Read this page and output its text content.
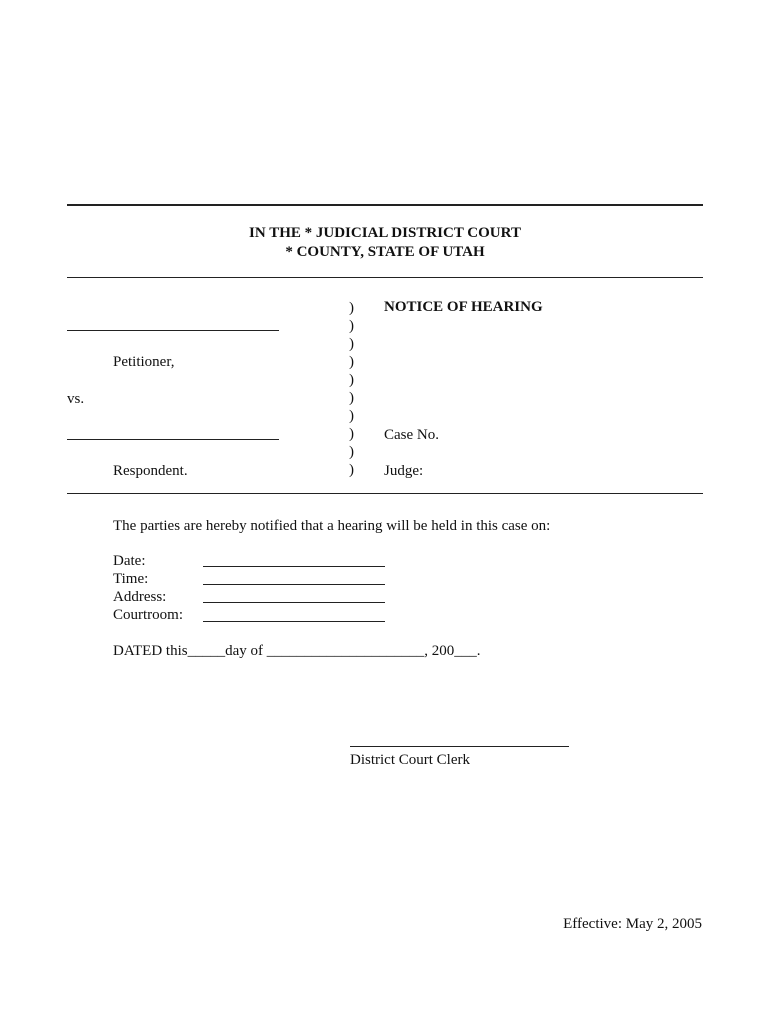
IN THE * JUDICIAL DISTRICT COURT
* COUNTY, STATE OF UTAH
Petitioner,
vs.
Respondent.
)
)
)
)
)
)
)
)
)
)
NOTICE OF HEARING
Case No.
Judge:
The parties are hereby notified that a hearing will be held in this case on:
Date:
Time:
Address:
Courtroom:
DATED this_____day of _____________________, 200___.
District Court Clerk
Effective: May 2, 2005
